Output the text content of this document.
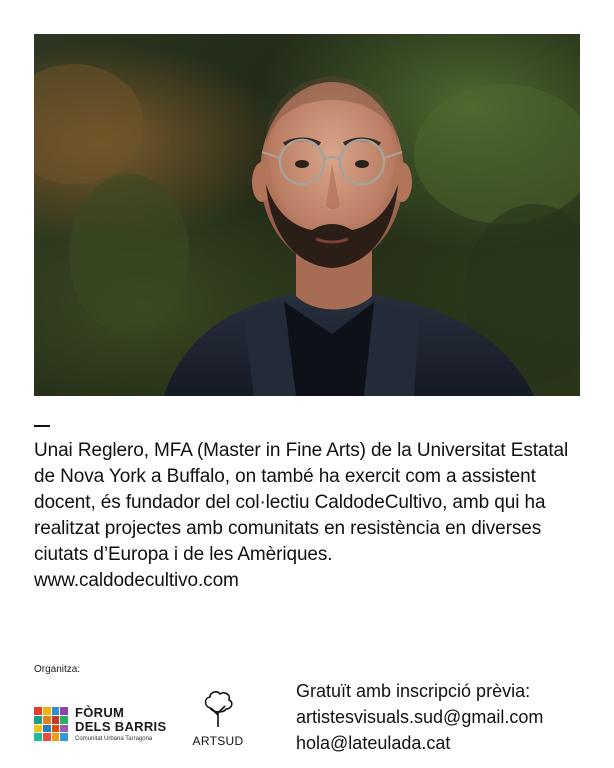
Unai Reglero, MFA (Master in Fine Arts) de la Universitat Estatal

de Nova York a Buffalo, on també ha exercit com a assistent

docent, és fundador del col·lectiu CaldodeCultivo, amb qui ha

realitzat projectes amb comunitats en resistència en diverses

ciutats d’Europa i de les Amèriques.

www.caldodecultivo.com

Organitza:
FÒRUM
DELS BARRIS
Comunitat Urbana Tarragona	ARTSUD

Gratuït amb inscripció prèvia:

artistesvisuals.sud@gmail.com

hola@lateulada.cat
